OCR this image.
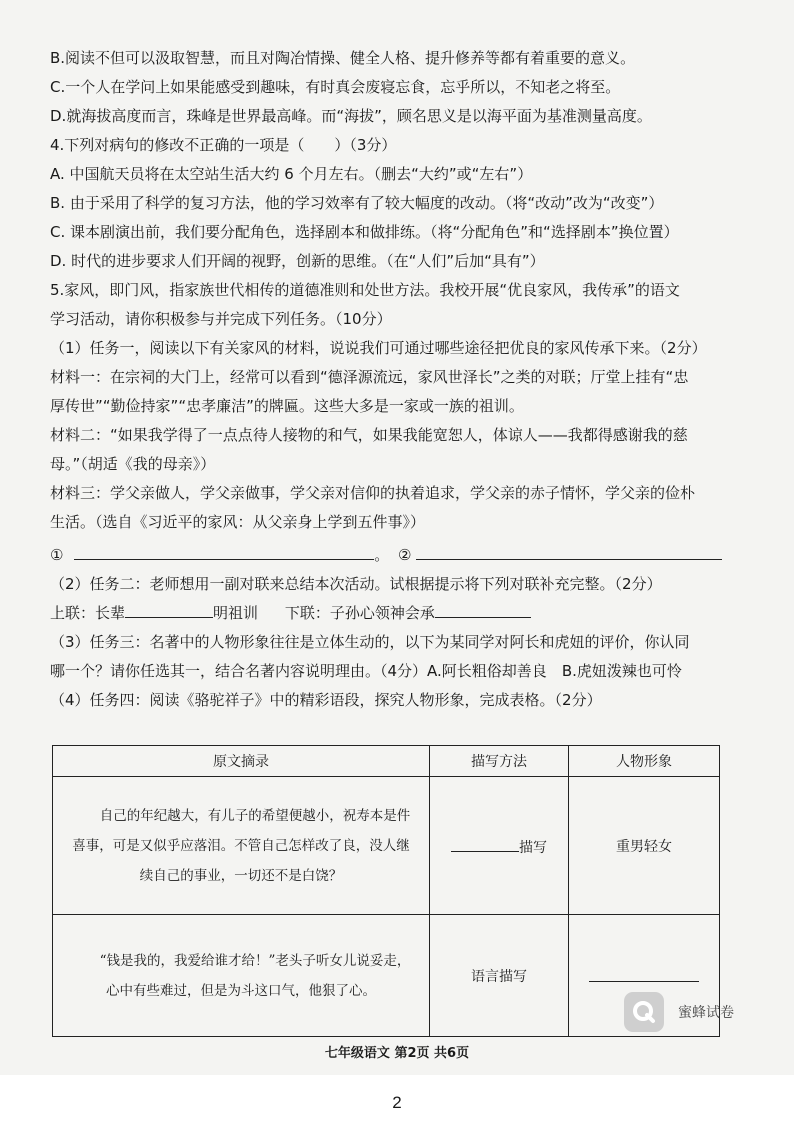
B.阅读不但可以汲取智慧，而且对陶冶情操、健全人格、提升修养等都有着重要的意义。
C.一个人在学问上如果能感受到趣味，有时真会废寝忘食，忘乎所以，不知老之将至。
D.就海拔高度而言，珠峰是世界最高峰。而“海拔”，顾名思义是以海平面为基准测量高度。
4.下列对病句的修改不正确的一项是（　　）（3分）
A. 中国航天员将在太空站生活大约 6 个月左右。（删去“大约”或“左右”）
B. 由于采用了科学的复习方法，他的学习效率有了较大幅度的改动。（将“改动”改为“改变”）
C. 课本剧演出前，我们要分配角色，选择剧本和做排练。（将“分配角色”和“选择剧本”换位置）
D. 时代的进步要求人们开阔的视野，创新的思维。（在“人们”后加“具有”）
5.家风，即门风，指家族世代相传的道德准则和处世方法。我校开展“优良家风，我传承”的语文
学习活动，请你积极参与并完成下列任务。（10分）
（1）任务一，阅读以下有关家风的材料，说说我们可通过哪些途径把优良的家风传承下来。（2分）
材料一：在宗祠的大门上，经常可以看到“德泽源流远，家风世泽长”之类的对联；厅堂上挂有“忠
厚传世”“勤俭持家”“忠孝廉洁”的牌匾。这些大多是一家或一族的祖训。
材料二：“如果我学得了一点点待人接物的和气，如果我能宽恕人，体谅人——我都得感谢我的慈
母。”（胡适《我的母亲》）
材料三：学父亲做人，学父亲做事，学父亲对信仰的执着追求，学父亲的赤子情怀，学父亲的俭朴
生活。（选自《习近平的家风：从父亲身上学到五件事》）
①	。 ②
（2）任务二：老师想用一副对联来总结本次活动。试根据提示将下列对联补充完整。（2分）
上联：长辈	明祖训 下联：子孙心领神会承
（3）任务三：名著中的人物形象往往是立体生动的，以下为某同学对阿长和虎妞的评价，你认同
哪一个？请你任选其一，结合名著内容说明理由。（4分）A.阿长粗俗却善良　B.虎妞泼辣也可怜
（4）任务四：阅读《骆驼祥子》中的精彩语段，探究人物形象，完成表格。（2分）
原文摘录	描写方法	人物形象
自己的年纪越大，有儿子的希望便越小，祝寿本是件喜事，可是又似乎应落泪。不管自己怎样改了良，没人继续自己的事业，一切还不是白饶？	描写	重男轻女
“钱是我的，我爱给谁才给！”老头子听女儿说妥走，心中有些难过，但是为斗这口气，他狠了心。	语言描写	
蜜蜂试卷
七年级语文 第2页 共6页
2
